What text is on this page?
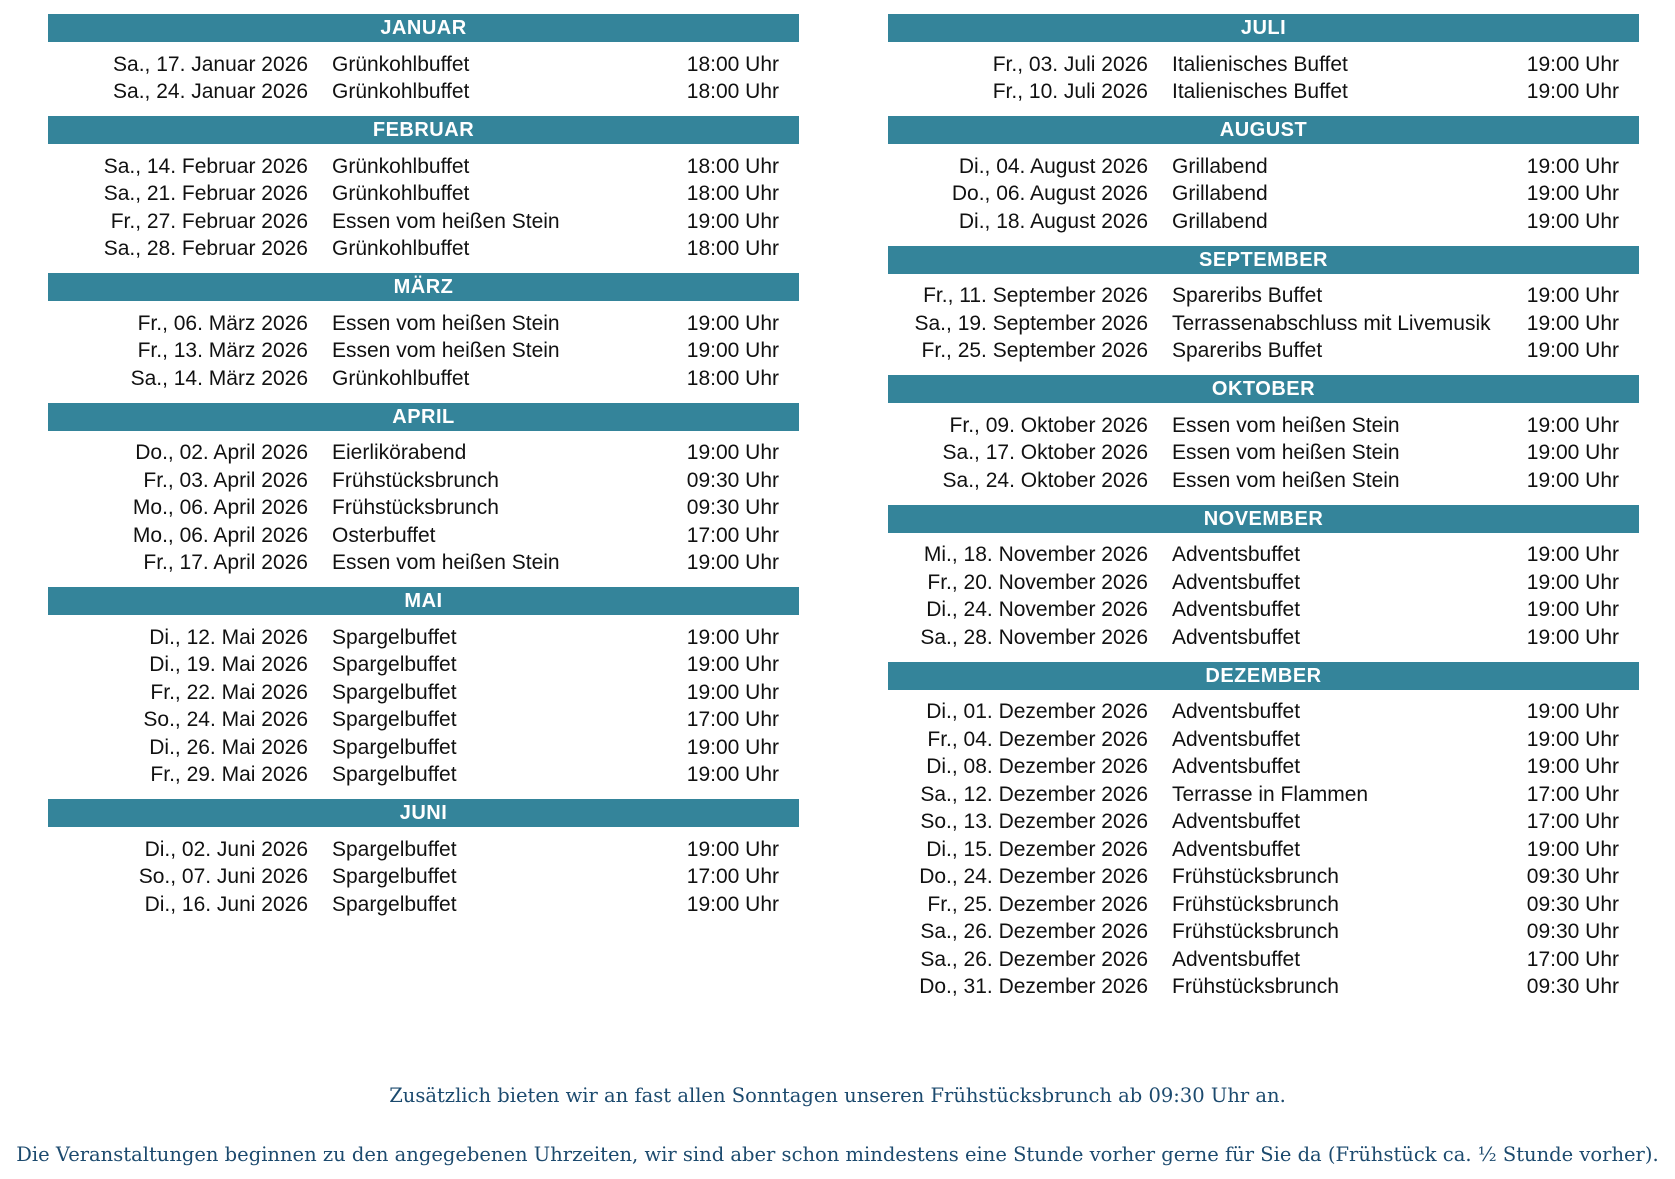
JANUAR
Sa., 17. Januar 2026 Grünkohlbuffet	18:00 Uhr
Sa., 24. Januar 2026 Grünkohlbuffet	18:00 Uhr
FEBRUAR
Sa., 14. Februar 2026 Grünkohlbuffet	18:00 Uhr
Sa., 21. Februar 2026 Grünkohlbuffet	18:00 Uhr
Fr., 27. Februar 2026 Essen vom heißen Stein	19:00 Uhr
Sa., 28. Februar 2026 Grünkohlbuffet	18:00 Uhr
MÄRZ
Fr., 06. März 2026 Essen vom heißen Stein	19:00 Uhr
Fr., 13. März 2026 Essen vom heißen Stein	19:00 Uhr
Sa., 14. März 2026 Grünkohlbuffet	18:00 Uhr
APRIL
Do., 02. April 2026 Eierlikörabend	19:00 Uhr
Fr., 03. April 2026 Frühstücksbrunch	09:30 Uhr
Mo., 06. April 2026 Frühstücksbrunch	09:30 Uhr
Mo., 06. April 2026 Osterbuffet	17:00 Uhr
Fr., 17. April 2026 Essen vom heißen Stein	19:00 Uhr
MAI
Di., 12. Mai 2026 Spargelbuffet	19:00 Uhr
Di., 19. Mai 2026 Spargelbuffet	19:00 Uhr
Fr., 22. Mai 2026 Spargelbuffet	19:00 Uhr
So., 24. Mai 2026 Spargelbuffet	17:00 Uhr
Di., 26. Mai 2026 Spargelbuffet	19:00 Uhr
Fr., 29. Mai 2026 Spargelbuffet	19:00 Uhr
JUNI
Di., 02. Juni 2026 Spargelbuffet	19:00 Uhr
So., 07. Juni 2026 Spargelbuffet	17:00 Uhr
Di., 16. Juni 2026 Spargelbuffet	19:00 Uhr
JULI
Fr., 03. Juli 2026 Italienisches Buffet	19:00 Uhr
Fr., 10. Juli 2026 Italienisches Buffet	19:00 Uhr
AUGUST
Di., 04. August 2026 Grillabend	19:00 Uhr
Do., 06. August 2026 Grillabend	19:00 Uhr
Di., 18. August 2026 Grillabend	19:00 Uhr
SEPTEMBER
Fr., 11. September 2026 Spareribs Buffet	19:00 Uhr
Sa., 19. September 2026 Terrassenabschluss mit Livemusik	19:00 Uhr
Fr., 25. September 2026 Spareribs Buffet	19:00 Uhr
OKTOBER
Fr., 09. Oktober 2026 Essen vom heißen Stein	19:00 Uhr
Sa., 17. Oktober 2026 Essen vom heißen Stein	19:00 Uhr
Sa., 24. Oktober 2026 Essen vom heißen Stein	19:00 Uhr
NOVEMBER
Mi., 18. November 2026 Adventsbuffet	19:00 Uhr
Fr., 20. November 2026 Adventsbuffet	19:00 Uhr
Di., 24. November 2026 Adventsbuffet	19:00 Uhr
Sa., 28. November 2026 Adventsbuffet	19:00 Uhr
DEZEMBER
Di., 01. Dezember 2026 Adventsbuffet	19:00 Uhr
Fr., 04. Dezember 2026 Adventsbuffet	19:00 Uhr
Di., 08. Dezember 2026 Adventsbuffet	19:00 Uhr
Sa., 12. Dezember 2026 Terrasse in Flammen	17:00 Uhr
So., 13. Dezember 2026 Adventsbuffet	17:00 Uhr
Di., 15. Dezember 2026 Adventsbuffet	19:00 Uhr
Do., 24. Dezember 2026 Frühstücksbrunch	09:30 Uhr
Fr., 25. Dezember 2026 Frühstücksbrunch	09:30 Uhr
Sa., 26. Dezember 2026 Frühstücksbrunch	09:30 Uhr
Sa., 26. Dezember 2026 Adventsbuffet	17:00 Uhr
Do., 31. Dezember 2026 Frühstücksbrunch	09:30 Uhr
Zusätzlich bieten wir an fast allen Sonntagen unseren Frühstücksbrunch ab 09:30 Uhr an.
Die Veranstaltungen beginnen zu den angegebenen Uhrzeiten, wir sind aber schon mindestens eine Stunde vorher gerne für Sie da (Frühstück ca. ½ Stunde vorher).
